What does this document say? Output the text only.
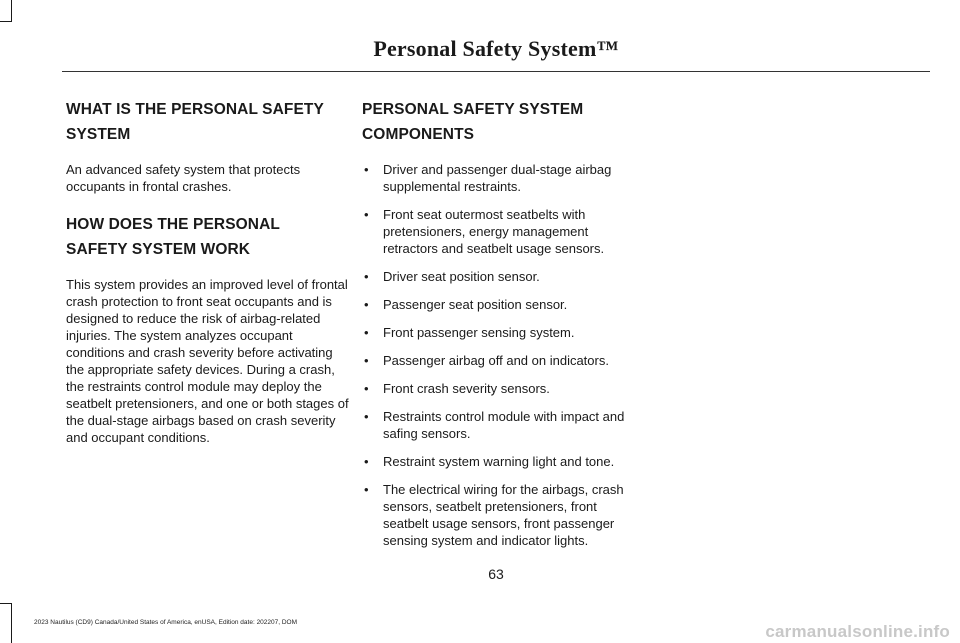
Personal Safety System™
WHAT IS THE PERSONAL SAFETY
SYSTEM

An advanced safety system that protects occupants in frontal crashes.

HOW DOES THE PERSONAL
SAFETY SYSTEM WORK

This system provides an improved level of frontal crash protection to front seat occupants and is designed to reduce the risk of airbag-related injuries. The system analyzes occupant conditions and crash severity before activating the appropriate safety devices. During a crash, the restraints control module may deploy the seatbelt pretensioners, and one or both stages of the dual-stage airbags based on crash severity and occupant conditions.

PERSONAL SAFETY SYSTEM
COMPONENTS
• Driver and passenger dual-stage airbag supplemental restraints.
• Front seat outermost seatbelts with pretensioners, energy management retractors and seatbelt usage sensors.
• Driver seat position sensor.
• Passenger seat position sensor.
• Front passenger sensing system.
• Passenger airbag off and on indicators.
• Front crash severity sensors.
• Restraints control module with impact and safing sensors.
• Restraint system warning light and tone.
• The electrical wiring for the airbags, crash sensors, seatbelt pretensioners, front seatbelt usage sensors, front passenger sensing system and indicator lights.
63
2023 Nautilus (CD9) Canada/United States of America, enUSA, Edition date: 202207, DOM	carmanualsonline.info
